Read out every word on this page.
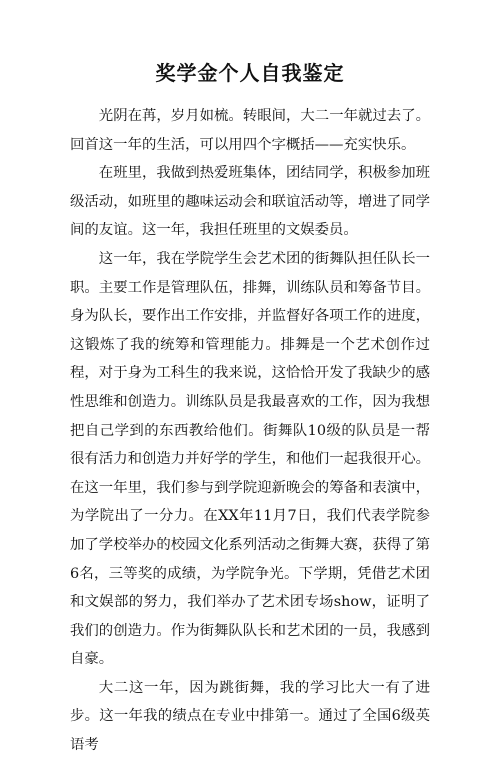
奖学金个人自我鉴定

光阴在苒，岁月如梳。转眼间，大二一年就过去了。回首这一年的生活，可以用四个字概括——充实快乐。

在班里，我做到热爱班集体，团结同学，积极参加班级活动，如班里的趣味运动会和联谊活动等，增进了同学间的友谊。这一年，我担任班里的文娱委员。

这一年，我在学院学生会艺术团的街舞队担任队长一职。主要工作是管理队伍，排舞，训练队员和筹备节目。身为队长，要作出工作安排，并监督好各项工作的进度，这锻炼了我的统筹和管理能力。排舞是一个艺术创作过程，对于身为工科生的我来说，这恰恰开发了我缺少的感性思维和创造力。训练队员是我最喜欢的工作，因为我想把自己学到的东西教给他们。街舞队10级的队员是一帮很有活力和创造力并好学的学生，和他们一起我很开心。在这一年里，我们参与到学院迎新晚会的筹备和表演中，为学院出了一分力。在XX年11月7日，我们代表学院参加了学校举办的校园文化系列活动之街舞大赛，获得了第6名，三等奖的成绩，为学院争光。下学期，凭借艺术团和文娱部的努力，我们举办了艺术团专场show，证明了我们的创造力。作为街舞队队长和艺术团的一员，我感到自豪。

大二这一年，因为跳街舞，我的学习比大一有了进步。这一年我的绩点在专业中排第一。通过了全国6级英语考
